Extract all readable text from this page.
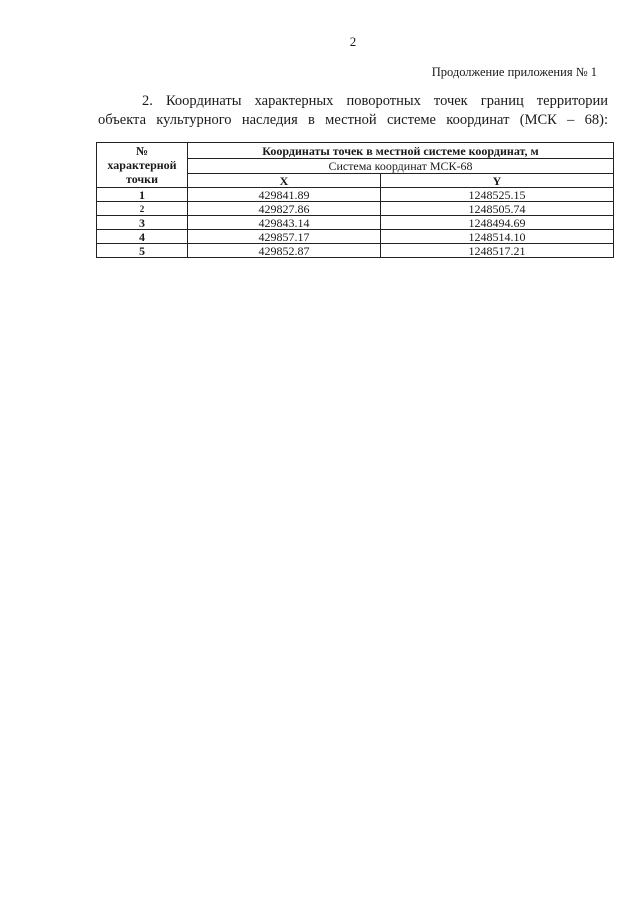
2
Продолжение приложения № 1
2. Координаты характерных поворотных точек границ территории
объекта культурного наследия в местной системе координат (МСК – 68):
№
характерной
точки	Координаты точек в местной системе координат, м	
	Система координат МСК-68	
	X	Y
1	429841.89	1248525.15
2	429827.86	1248505.74
3	429843.14	1248494.69
4	429857.17	1248514.10
5	429852.87	1248517.21
